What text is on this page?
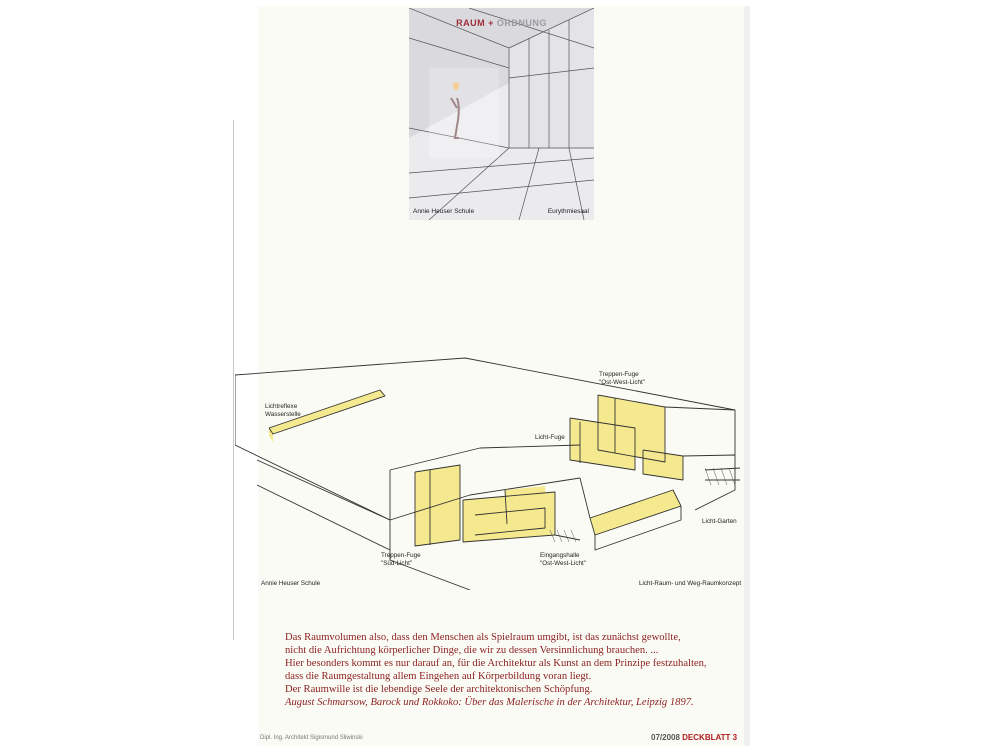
RAUM + ORDNUNG
Annie Heuser Schule	Eurythmiesaal
Lichtreflexe
Wasserstelle
Treppen-Fuge
"Ost-West-Licht"
Licht-Fuge
Licht-Garten
Treppen-Fuge
"Süd-Licht"
Eingangshalle
"Ost-West-Licht"
Annie Heuser Schule	Licht-Raum- und Weg-Raumkonzept
Das Raumvolumen also, dass den Menschen als Spielraum umgibt, ist das zunächst gewollte,
nicht die Aufrichtung körperlicher Dinge, die wir zu dessen Versinnlichung brauchen. ...
Hier besonders kommt es nur darauf an, für die Architektur als Kunst an dem Prinzipe festzuhalten,
dass die Raumgestaltung allem Eingehen auf Körperbildung voran liegt.
Der Raumwille ist die lebendige Seele der architektonischen Schöpfung.
August Schmarsow, Barock und Rokkoko: Über das Malerische in der Architektur, Leipzig 1897.
Dipl. Ing. Architekt Sigismund Sliwinski	07/2008 DECKBLATT 3
